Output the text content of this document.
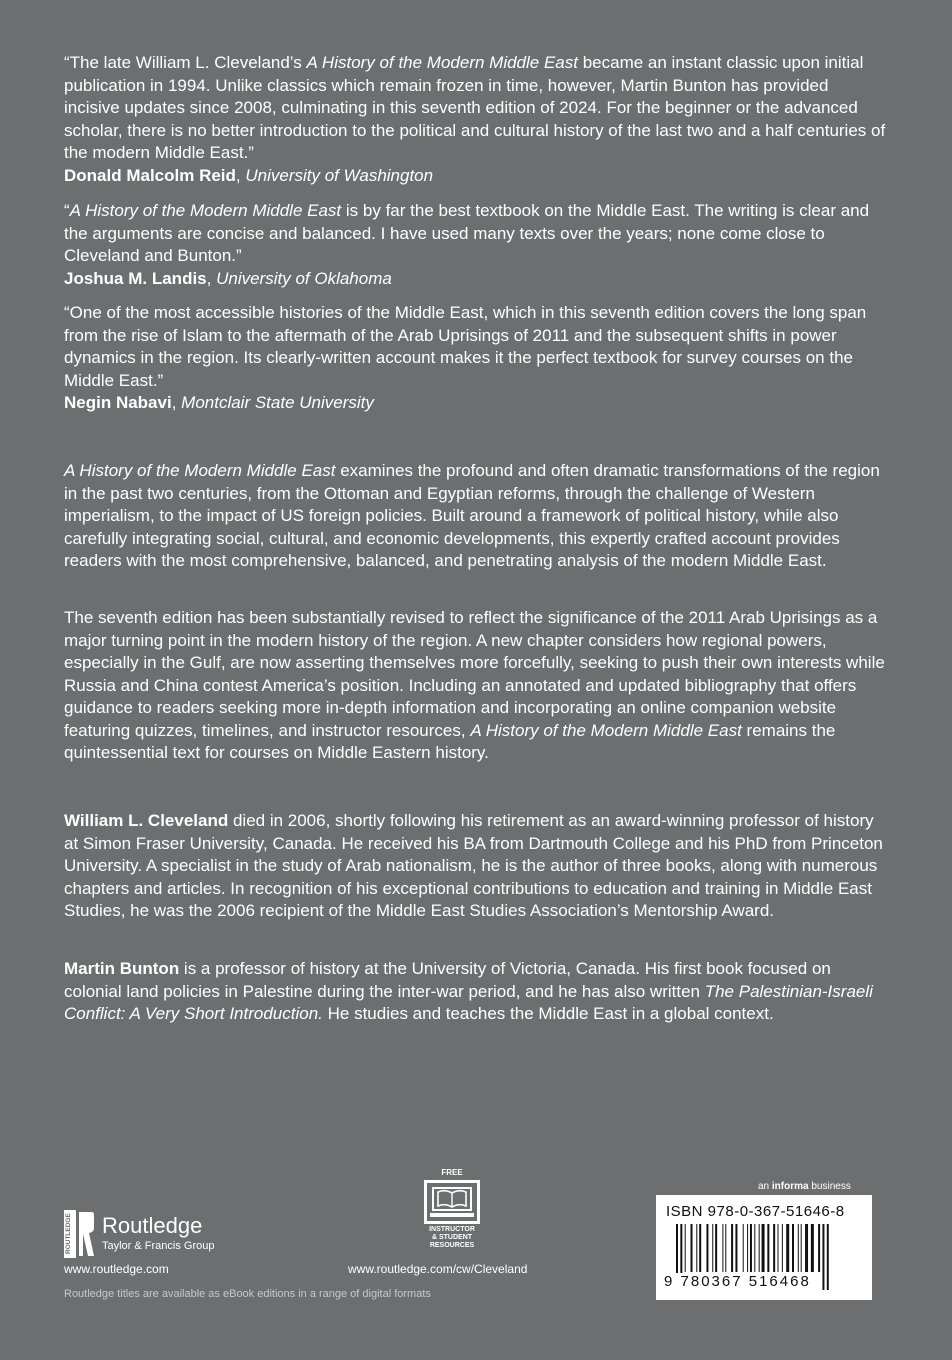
“The late William L. Cleveland’s A History of the Modern Middle East became an instant classic upon initial publication in 1994. Unlike classics which remain frozen in time, however, Martin Bunton has provided incisive updates since 2008, culminating in this seventh edition of 2024. For the beginner or the advanced scholar, there is no better introduction to the political and cultural history of the last two and a half centuries of the modern Middle East.”

Donald Malcolm Reid, University of Washington

“A History of the Modern Middle East is by far the best textbook on the Middle East. The writing is clear and the arguments are concise and balanced. I have used many texts over the years; none come close to Cleveland and Bunton.”

Joshua M. Landis, University of Oklahoma

“One of the most accessible histories of the Middle East, which in this seventh edition covers the long span from the rise of Islam to the aftermath of the Arab Uprisings of 2011 and the subsequent shifts in power dynamics in the region. Its clearly-written account makes it the perfect textbook for survey courses on the Middle East.”

Negin Nabavi, Montclair State University

A History of the Modern Middle East examines the profound and often dramatic transformations of the region in the past two centuries, from the Ottoman and Egyptian reforms, through the challenge of Western imperialism, to the impact of US foreign policies. Built around a framework of political history, while also carefully integrating social, cultural, and economic developments, this expertly crafted account provides readers with the most comprehensive, balanced, and penetrating analysis of the modern Middle East.

The seventh edition has been substantially revised to reflect the significance of the 2011 Arab Uprisings as a major turning point in the modern history of the region. A new chapter considers how regional powers, especially in the Gulf, are now asserting themselves more forcefully, seeking to push their own interests while Russia and China contest America’s position. Including an annotated and updated bibliography that offers guidance to readers seeking more in-depth information and incorporating an online companion website featuring quizzes, timelines, and instructor resources, A History of the Modern Middle East remains the quintessential text for courses on Middle Eastern history.

William L. Cleveland died in 2006, shortly following his retirement as an award-winning professor of history at Simon Fraser University, Canada. He received his BA from Dartmouth College and his PhD from Princeton University. A specialist in the study of Arab nationalism, he is the author of three books, along with numerous chapters and articles. In recognition of his exceptional contributions to education and training in Middle East Studies, he was the 2006 recipient of the Middle East Studies Association’s Mentorship Award.

Martin Bunton is a professor of history at the University of Victoria, Canada. His first book focused on colonial land policies in Palestine during the inter-war period, and he has also written The Palestinian-Israeli Conflict: A Very Short Introduction. He studies and teaches the Middle East in a global context.

ROUTLEDGE Routledge
Taylor & Francis Group
www.routledge.com
Routledge titles are available as eBook editions in a range of digital formats
FREE
INSTRUCTOR
& STUDENT
RESOURCES
www.routledge.com/cw/Cleveland
an informa business
ISBN 978-0-367-51646-8
9 780367 516468
